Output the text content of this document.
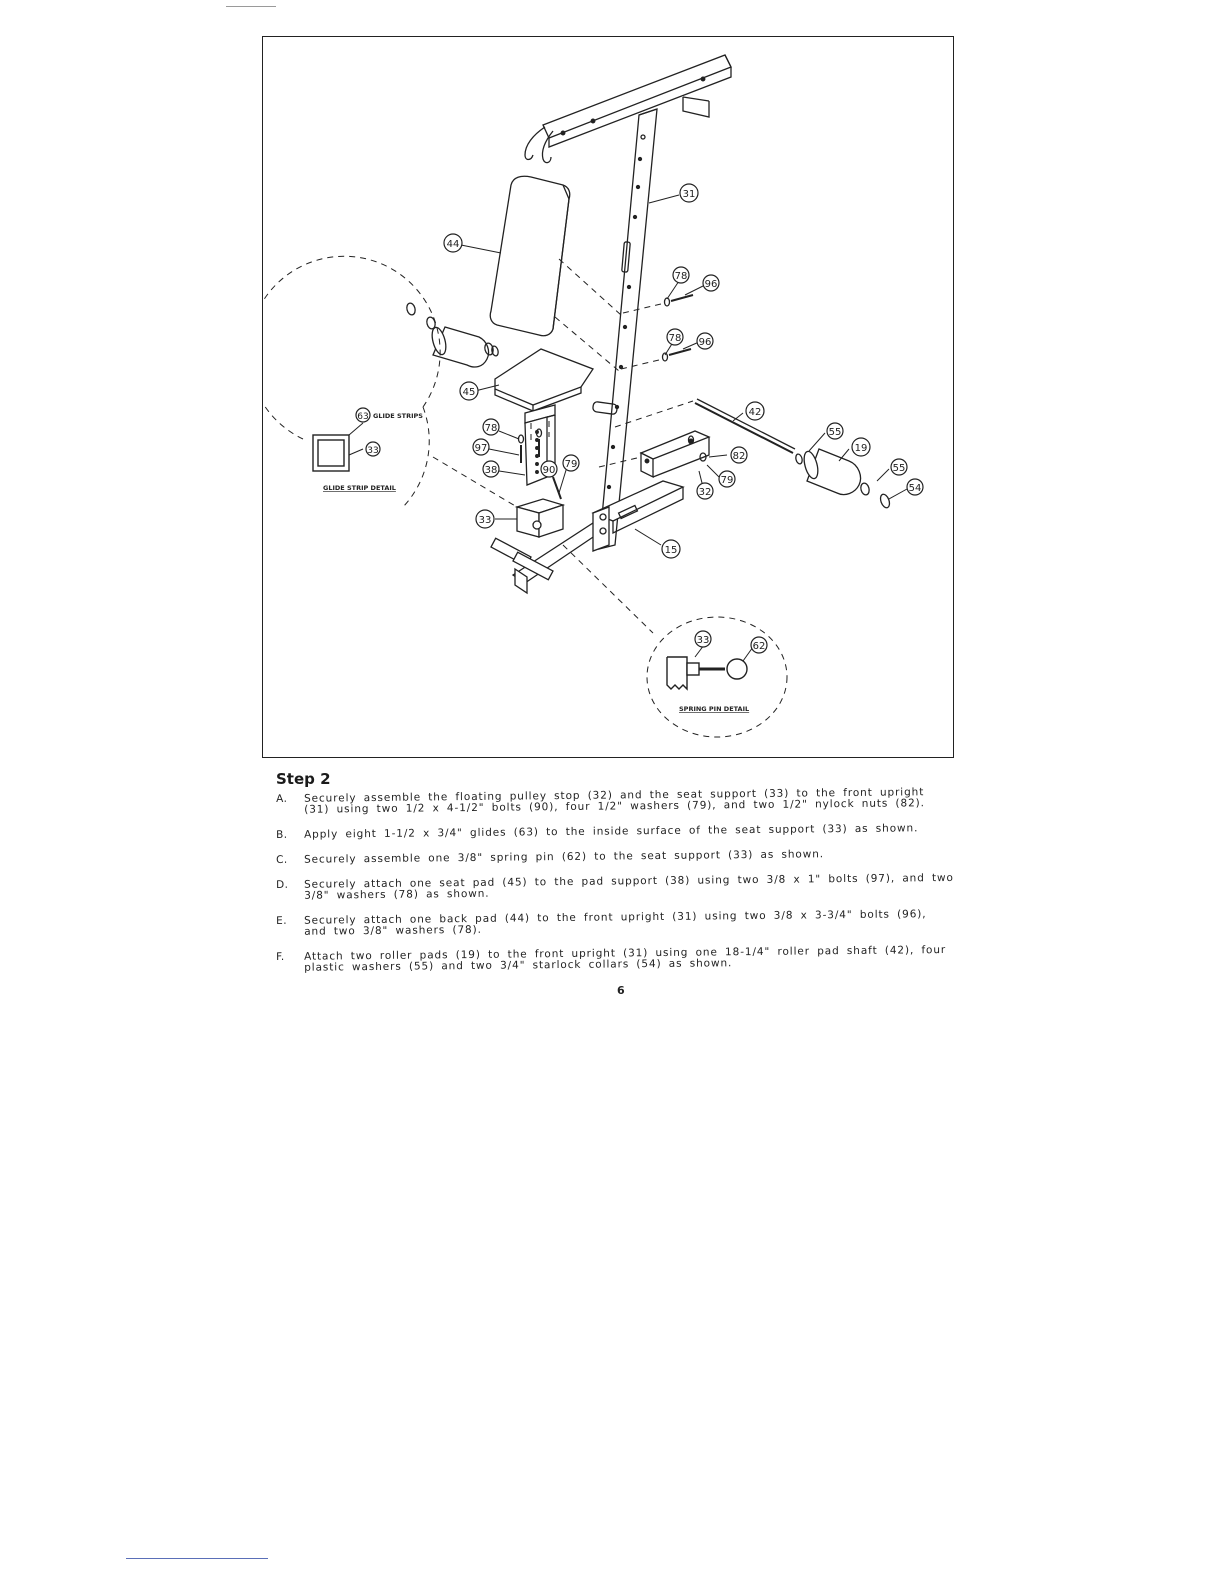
31
44
78
96
78 96
45
42
55
19
55
54
82
79
32
15
78
97
38	90
79
33
63
33
33
62
GLIDE STRIPS
GLIDE STRIP DETAIL
SPRING PIN DETAIL
Step 2
A.	Securely assemble the floating pulley stop (32) and the seat support (33) to the front upright (31) using two 1/2 x 4-1/2" bolts (90), four 1/2" washers (79), and two 1/2" nylock nuts (82).
B.	Apply eight 1-1/2 x 3/4" glides (63) to the inside surface of the seat support (33) as shown.
C.	Securely assemble one 3/8" spring pin (62) to the seat support (33) as shown.
D.	Securely attach one seat pad (45) to the pad support (38) using two 3/8 x 1" bolts (97), and two 3/8" washers (78) as shown.
E.	Securely attach one back pad (44) to the front upright (31) using two 3/8 x 3-3/4" bolts (96), and two 3/8" washers (78).
F.	Attach two roller pads (19) to the front upright (31) using one 18-1/4" roller pad shaft (42), four plastic washers (55) and two 3/4" starlock collars (54) as shown.
6
